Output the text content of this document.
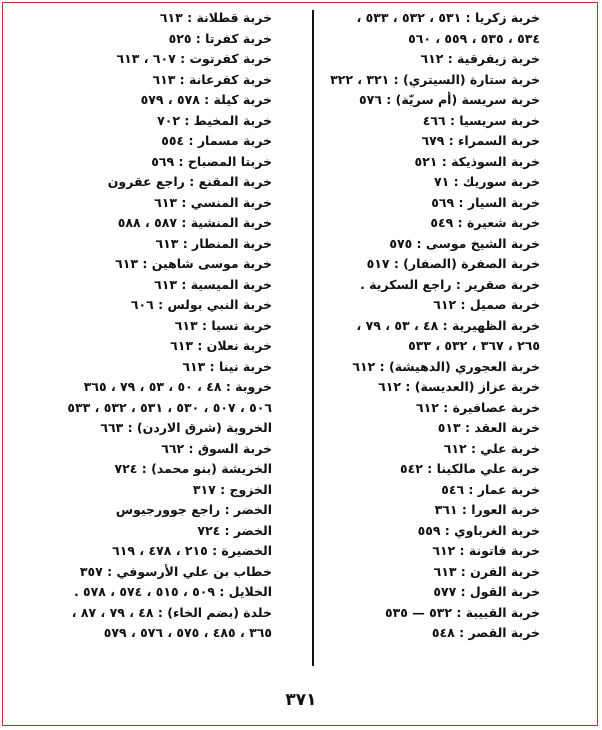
خربة زكريا : ٥٣١ ، ٥٣٢ ، ٥٣٣ ،
٥٣٤ ، ٥٣٥ ، ٥٥٩ ، ٥٦٠
خربة زيفرقية : ٦١٢
خربة ستارة (السيتري) : ٣٢١ ، ٣٢٢
خربة سريسة (أم سريّة) : ٥٧٦
خربة سريسيا : ٤٦٦
خربة السمراء : ٦٧٩
خربة السوذيكة : ٥٢١
خربة سوريك : ٧١
خربة السيار : ٥٦٩
خربة شعيرة : ٥٤٩
خربة الشيخ موسى : ٥٧٥
خربة الصفرة (الصفار) : ٥١٧
خربة صقرير : راجع السكرية .
خربة صميل : ٦١٢
خربة الظهيرية : ٤٨ ، ٥٣ ، ٧٩ ،
٢٦٥ ، ٣٦٧ ، ٥٣٢ ، ٥٣٣
خربة العجوري (الدهيشة) : ٦١٢
خربة عزاز (العديسة) : ٦١٢
خربة عصافيرة : ٦١٢
خربة العقد : ٥١٣
خربة علي : ٦١٢
خربة علي مالكينا : ٥٤٢
خربة عمار : ٥٤٦
خربة العورا : ٣٦١
خربة الغرباوي : ٥٥٩
خربة فاتونة : ٦١٢
خربة الفرن : ٦١٣
خربة القول : ٥٧٧
خربة القبيبة : ٥٣٢ — ٥٣٥
خربة القصر : ٥٤٨
خربة قطلانة : ٦١٣
خربة كفرتا : ٥٢٥
خربة كفرتوت : ٦٠٧ ، ٦١٣
خربة كفرعانة : ٦١٣
خربة كيلة : ٥٧٨ ، ٥٧٩
خربة المخيط : ٧٠٢
خربة مسمار : ٥٥٤
خربتا المصباح : ٥٦٩
خربة المقنع : راجع عقرون
خربة المنسي : ٦١٣
خربة المنشية : ٥٨٧ ، ٥٨٨
خربة المنطار : ٦١٣
خربة موسى شاهين : ٦١٣
خربة الميسية : ٦١٣
خربة النبي بولس : ٦٠٦
خربة نسيا : ٦١٣
خربة نعلان : ٦١٣
خربة نينا : ٦١٣
خروبة : ٤٨ ، ٥٠ ، ٥٣ ، ٧٩ ، ٣٦٥
٥٠٦ ، ٥٠٧ ، ٥٣٠ ، ٥٣١ ، ٥٣٢ ، ٥٣٣
الخروبة (شرق الاردن) : ٦٦٣
خربة السوق : ٦٦٢
الخريشة (بنو محمد) : ٧٢٤
الخزوج : ٣١٧
الخضر : راجع جوورجيوس
الخضر : ٧٢٤
الخضيرة : ٢١٥ ، ٤٧٨ ، ٦١٩
خطاب بن علي الأرسوفي : ٣٥٧
الخلايل : ٥٠٩ ، ٥١٥ ، ٥٧٤ ، ٥٧٨ .
خلدة (بضم الخاء) : ٤٨ ، ٧٩ ، ٨٧ ،
٣٦٥ ، ٤٨٥ ، ٥٧٥ ، ٥٧٦ ، ٥٧٩
٣٧١
